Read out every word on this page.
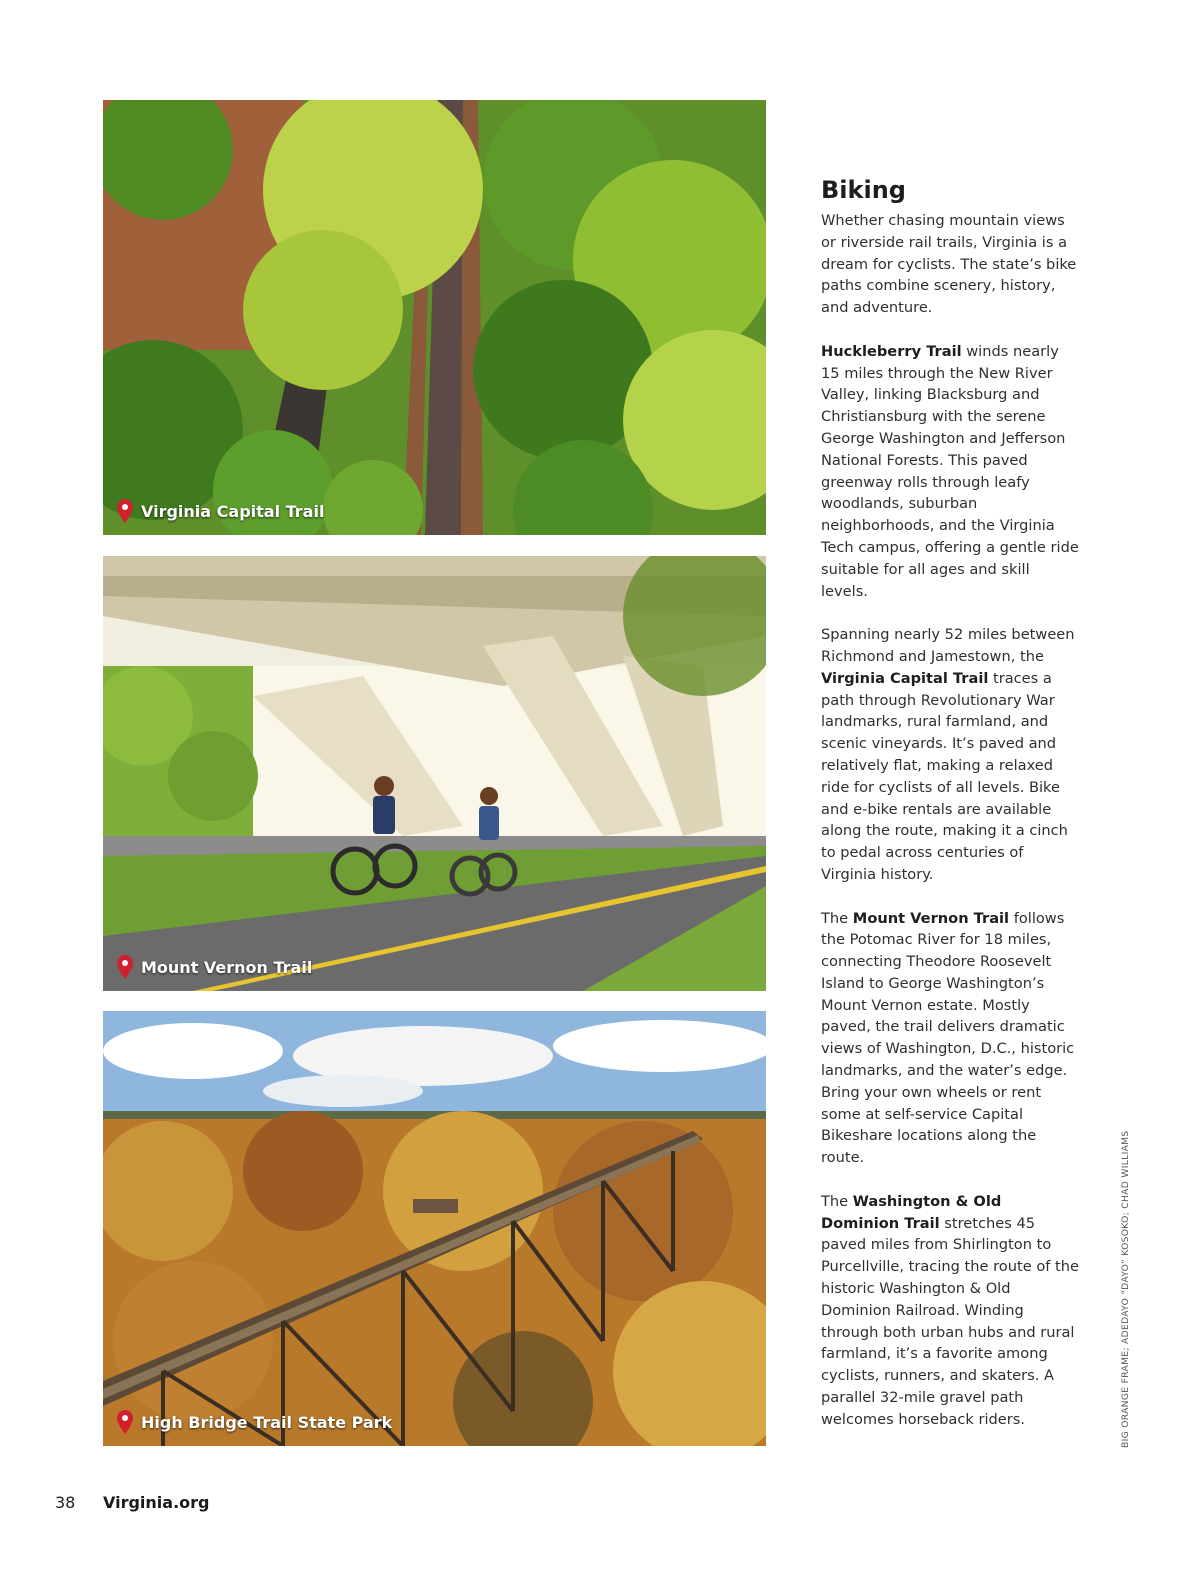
Virginia Capital Trail
Mount Vernon Trail
High Bridge Trail State Park
Biking

Whether chasing mountain views or riverside rail trails, Virginia is a dream for cyclists. The state’s bike paths combine scenery, history, and adventure.

Huckleberry Trail winds nearly 15 miles through the New River Valley, linking Blacksburg and Christiansburg with the serene George Washington and Jefferson National Forests. This paved greenway rolls through leafy woodlands, suburban neighborhoods, and the Virginia Tech campus, offering a gentle ride suitable for all ages and skill levels.

Spanning nearly 52 miles between Richmond and Jamestown, the Virginia Capital Trail traces a path through Revolutionary War landmarks, rural farmland, and scenic vineyards. It’s paved and relatively flat, making a relaxed ride for cyclists of all levels. Bike and e-bike rentals are available along the route, making it a cinch to pedal across centuries of Virginia history.

The Mount Vernon Trail follows the Potomac River for 18 miles, connecting Theodore Roosevelt Island to George Washington’s Mount Vernon estate. Mostly paved, the trail delivers dramatic views of Washington, D.C., historic landmarks, and the water’s edge. Bring your own wheels or rent some at self-service Capital Bikeshare locations along the route.

The Washington & Old Dominion Trail stretches 45 paved miles from Shirlington to Purcellville, tracing the route of the historic Washington & Old Dominion Railroad. Winding through both urban hubs and rural farmland, it’s a favorite among cyclists, runners, and skaters. A parallel 32-mile gravel path welcomes horseback riders.	BIG ORANGE FRAME; ADEDAYO “DAYO” KOSOKO; CHAD WILLIAMS
38 Virginia.org
